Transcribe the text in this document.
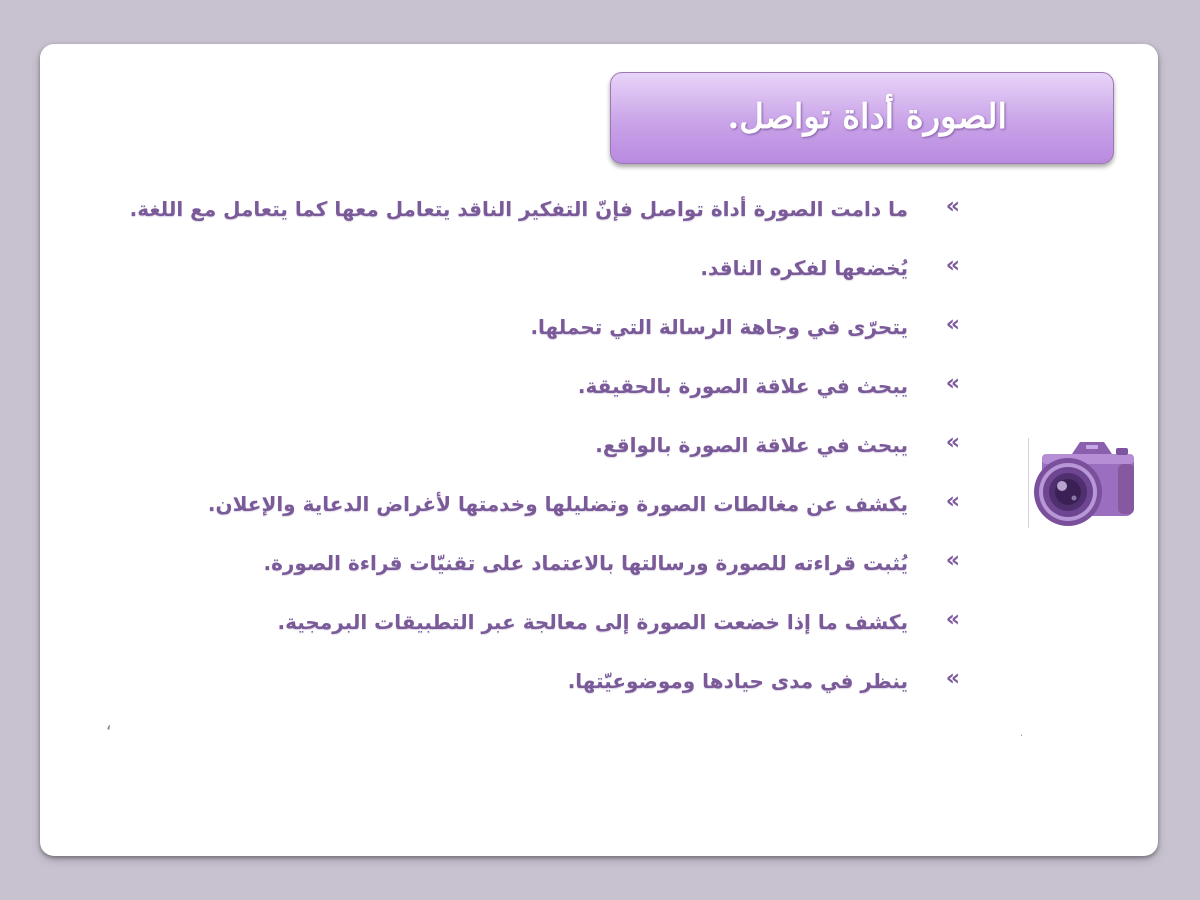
الصورة أداة تواصل.
»
ما دامت الصورة أداة تواصل فإنّ التفكير الناقد يتعامل معها كما يتعامل مع اللغة.
»
يُخضعها لفكره الناقد.
»
يتحرّى في وجاهة الرسالة التي تحملها.
»
يبحث في علاقة الصورة بالحقيقة.
»
يبحث في علاقة الصورة بالواقع.
»
يكشف عن مغالطات الصورة وتضليلها وخدمتها لأغراض الدعاية والإعلان.
»
يُثبت قراءته للصورة ورسالتها بالاعتماد على تقنيّات قراءة الصورة.
»
يكشف ما إذا خضعت الصورة إلى معالجة عبر التطبيقات البرمجية.
»
ينظر في مدى حيادها وموضوعيّتها.
ʻ	·
